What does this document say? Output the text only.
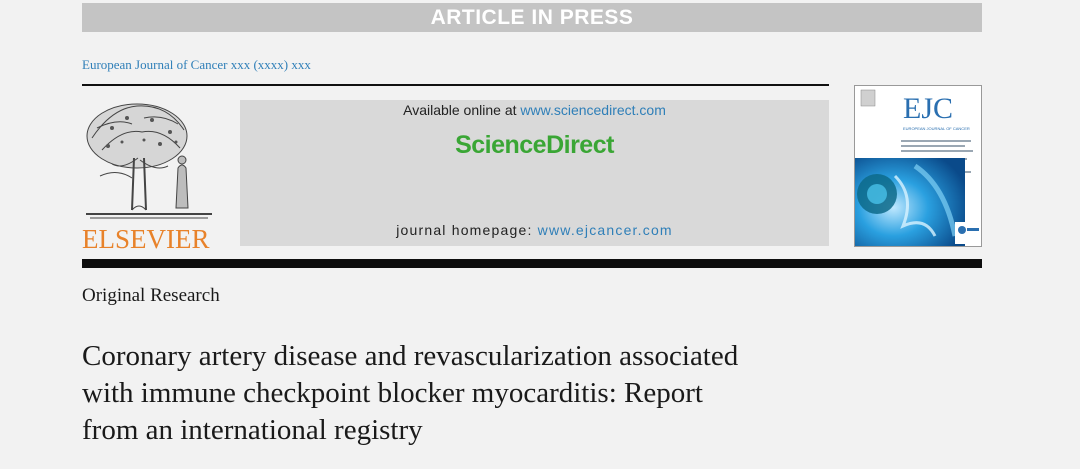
ARTICLE IN PRESS
European Journal of Cancer xxx (xxxx) xxx
ELSEVIER
Available online at www.sciencedirect.com
ScienceDirect
journal homepage: www.ejcancer.com
EJC
EUROPEAN JOURNAL OF CANCER
Original Research
Coronary artery disease and revascularization associated
with immune checkpoint blocker myocarditis: Report
from an international registry
